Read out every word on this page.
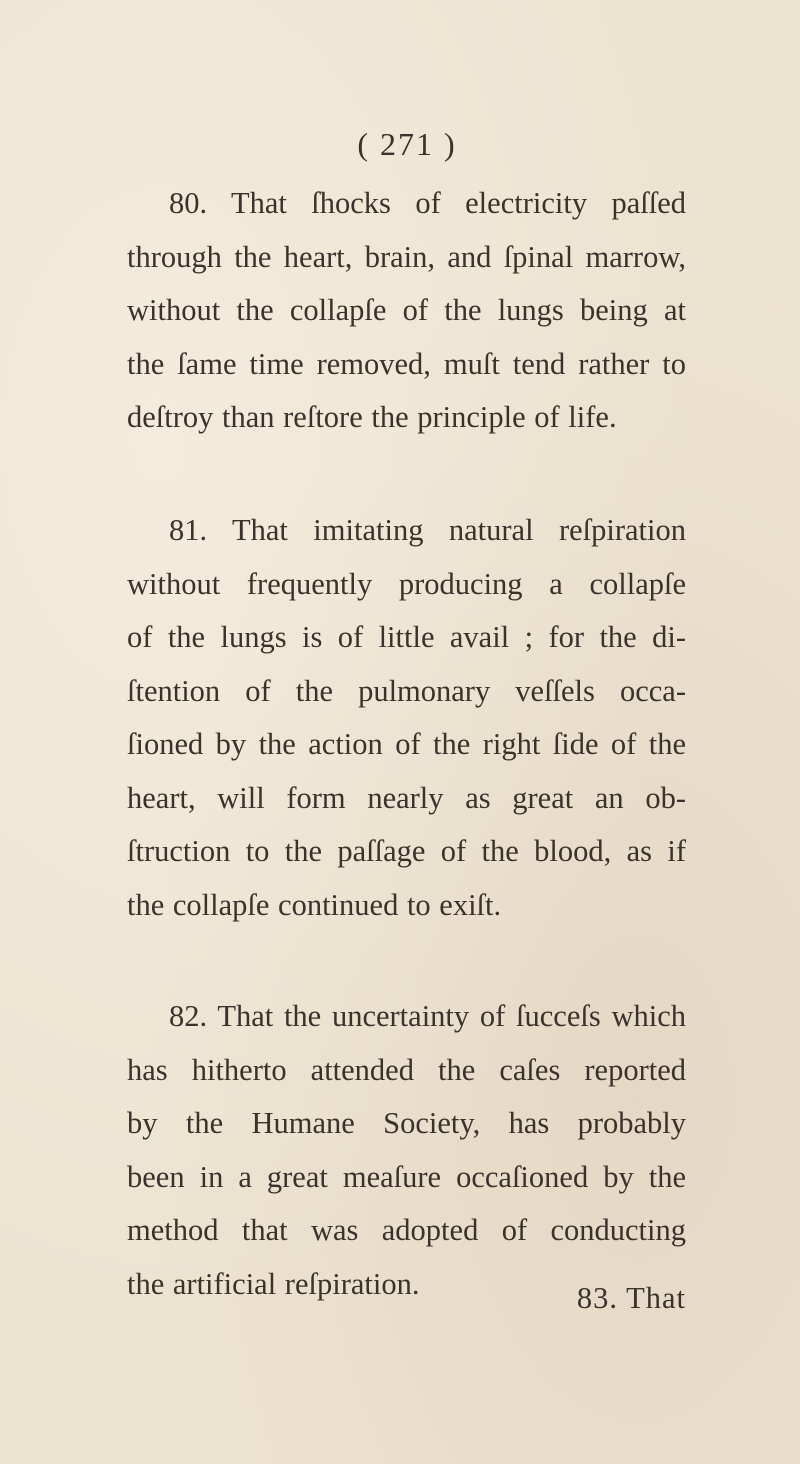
( 271 )
80. That ſhocks of electricity paſſed
through the heart, brain, and ſpinal marrow,
without the collapſe of the lungs being at
the ſame time removed, muſt tend rather to
deſtroy than reſtore the principle of life.
81. That imitating natural reſpiration
without frequently producing a collapſe
of the lungs is of little avail ; for the di-
ſtention of the pulmonary veſſels occa-
ſioned by the action of the right ſide of the
heart, will form nearly as great an ob-
ſtruction to the paſſage of the blood, as if
the collapſe continued to exiſt.
82. That the uncertainty of ſucceſs which
has hitherto attended the caſes reported
by the Humane Society, has probably
been in a great meaſure occaſioned by the
method that was adopted of conducting
the artificial reſpiration.	83. That
